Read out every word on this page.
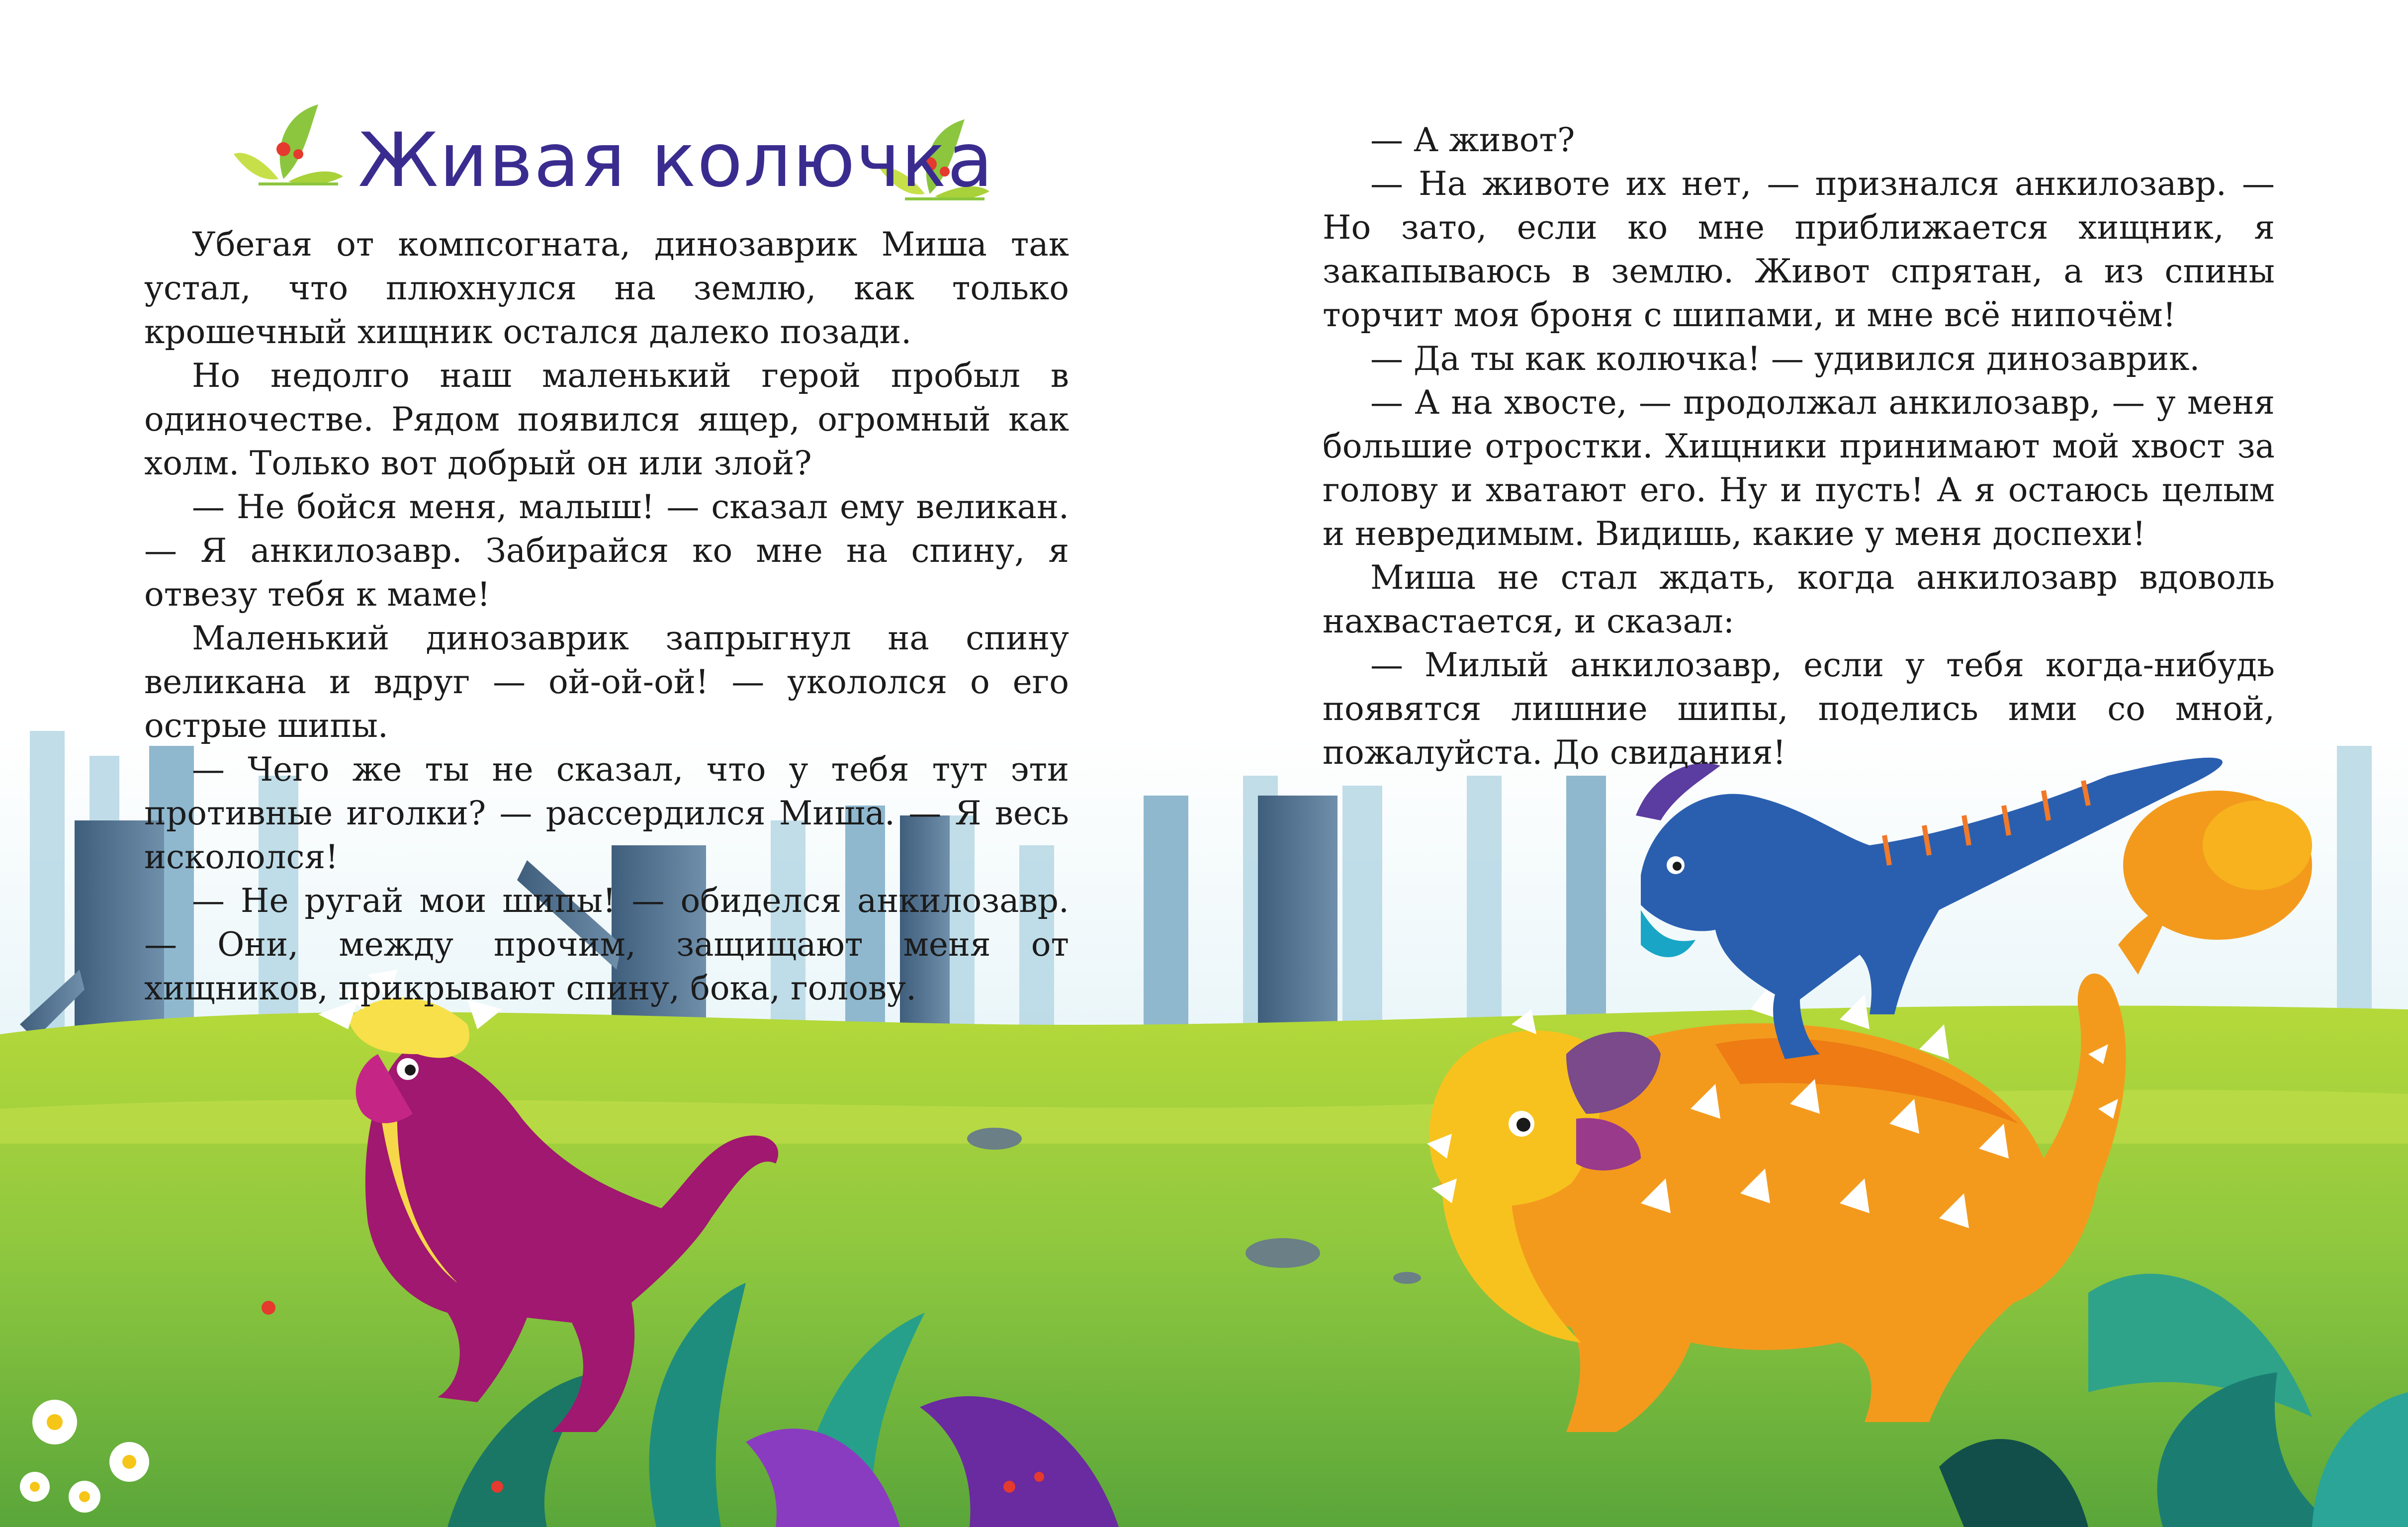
Живая колючка

Убегая от компсогната, динозаврик Миша так устал, что плюхнулся на землю, как только крошечный хищник остался далеко позади.

Но недолго наш маленький герой пробыл в одиночестве. Рядом появился ящер, огромный как холм. Только вот добрый он или злой?

— Не бойся меня, малыш! — сказал ему великан. — Я анкилозавр. Забирайся ко мне на спину, я отвезу тебя к маме!

Маленький динозаврик запрыгнул на спину великана и вдруг — ой-ой-ой! — укололся о его острые шипы.

— Чего же ты не сказал, что у тебя тут эти противные иголки? — рассердился Миша. — Я весь искололся!

— Не ругай мои шипы! — обиделся анкилозавр. — Они, между прочим, защищают меня от хищников, прикрывают спину, бока, голову.

— А живот?

— На животе их нет, — признался анкилозавр. — Но зато, если ко мне приближается хищник, я закапываюсь в землю. Живот спрятан, а из спины торчит моя броня с шипами, и мне всё нипочём!

— Да ты как колючка! — удивился динозаврик.

— А на хвосте, — продолжал анкилозавр, — у меня большие отростки. Хищники принимают мой хвост за голову и хватают его. Ну и пусть! А я остаюсь целым и невредимым. Видишь, какие у меня доспехи!

Миша не стал ждать, когда анкилозавр вдоволь нахвастается, и сказал:

— Милый анкилозавр, если у тебя когда-нибудь появятся лишние шипы, поделись ими со мной, пожалуйста. До свидания!
